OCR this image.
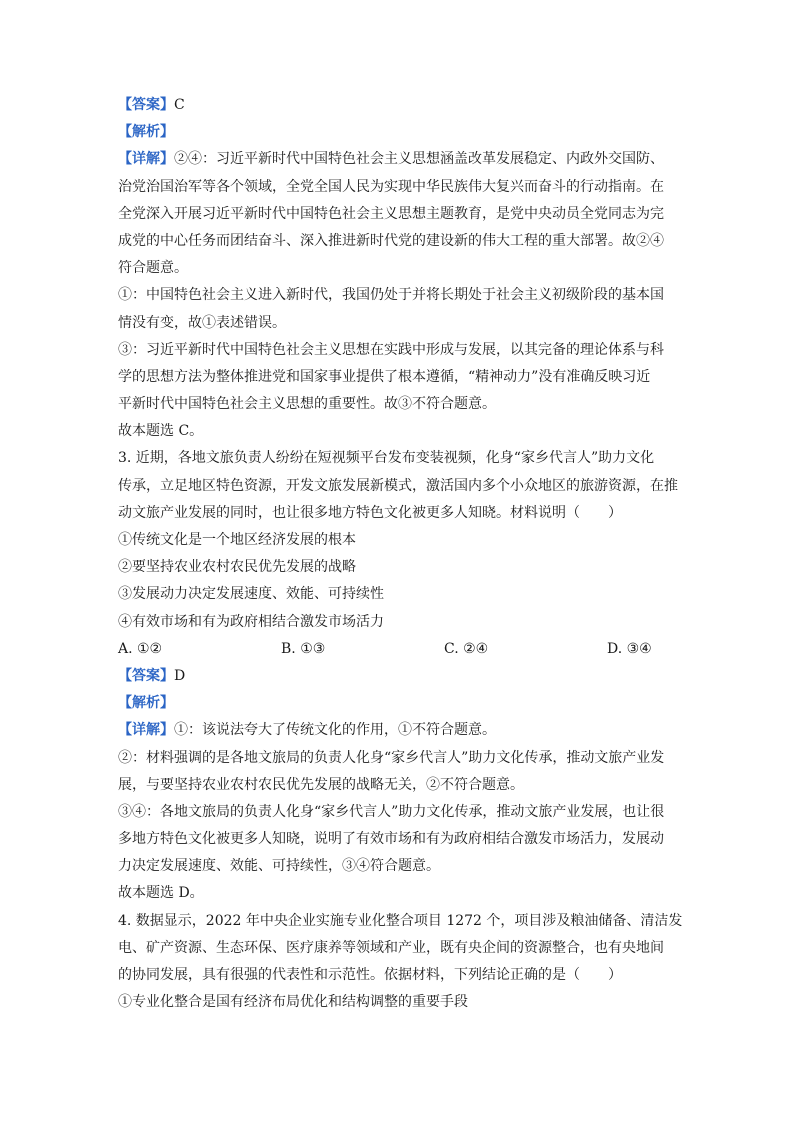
【答案】C
【解析】
【详解】②④：习近平新时代中国特色社会主义思想涵盖改革发展稳定、内政外交国防、
治党治国治军等各个领域，全党全国人民为实现中华民族伟大复兴而奋斗的行动指南。在
全党深入开展习近平新时代中国特色社会主义思想主题教育，是党中央动员全党同志为完
成党的中心任务而团结奋斗、深入推进新时代党的建设新的伟大工程的重大部署。故②④
符合题意。
①：中国特色社会主义进入新时代，我国仍处于并将长期处于社会主义初级阶段的基本国
情没有变，故①表述错误。
③：习近平新时代中国特色社会主义思想在实践中形成与发展，以其完备的理论体系与科
学的思想方法为整体推进党和国家事业提供了根本遵循，“精神动力”没有准确反映习近
平新时代中国特色社会主义思想的重要性。故③不符合题意。
故本题选 C。
3. 近期，各地文旅负责人纷纷在短视频平台发布变装视频，化身“家乡代言人”助力文化
传承，立足地区特色资源，开发文旅发展新模式，激活国内多个小众地区的旅游资源，在推
动文旅产业发展的同时，也让很多地方特色文化被更多人知晓。材料说明（　　）
①传统文化是一个地区经济发展的根本
②要坚持农业农村农民优先发展的战略
③发展动力决定发展速度、效能、可持续性
④有效市场和有为政府相结合激发市场活力
A. ①②	B. ①③	C. ②④	D. ③④
【答案】D
【解析】
【详解】①：该说法夸大了传统文化的作用，①不符合题意。
②：材料强调的是各地文旅局的负责人化身“家乡代言人”助力文化传承，推动文旅产业发
展，与要坚持农业农村农民优先发展的战略无关，②不符合题意。
③④：各地文旅局的负责人化身“家乡代言人”助力文化传承，推动文旅产业发展，也让很
多地方特色文化被更多人知晓，说明了有效市场和有为政府相结合激发市场活力，发展动
力决定发展速度、效能、可持续性，③④符合题意。
故本题选 D。
4. 数据显示，2022 年中央企业实施专业化整合项目 1272 个，项目涉及粮油储备、清洁发
电、矿产资源、生态环保、医疗康养等领域和产业，既有央企间的资源整合，也有央地间
的协同发展，具有很强的代表性和示范性。依据材料，下列结论正确的是（　　）
①专业化整合是国有经济布局优化和结构调整的重要手段
